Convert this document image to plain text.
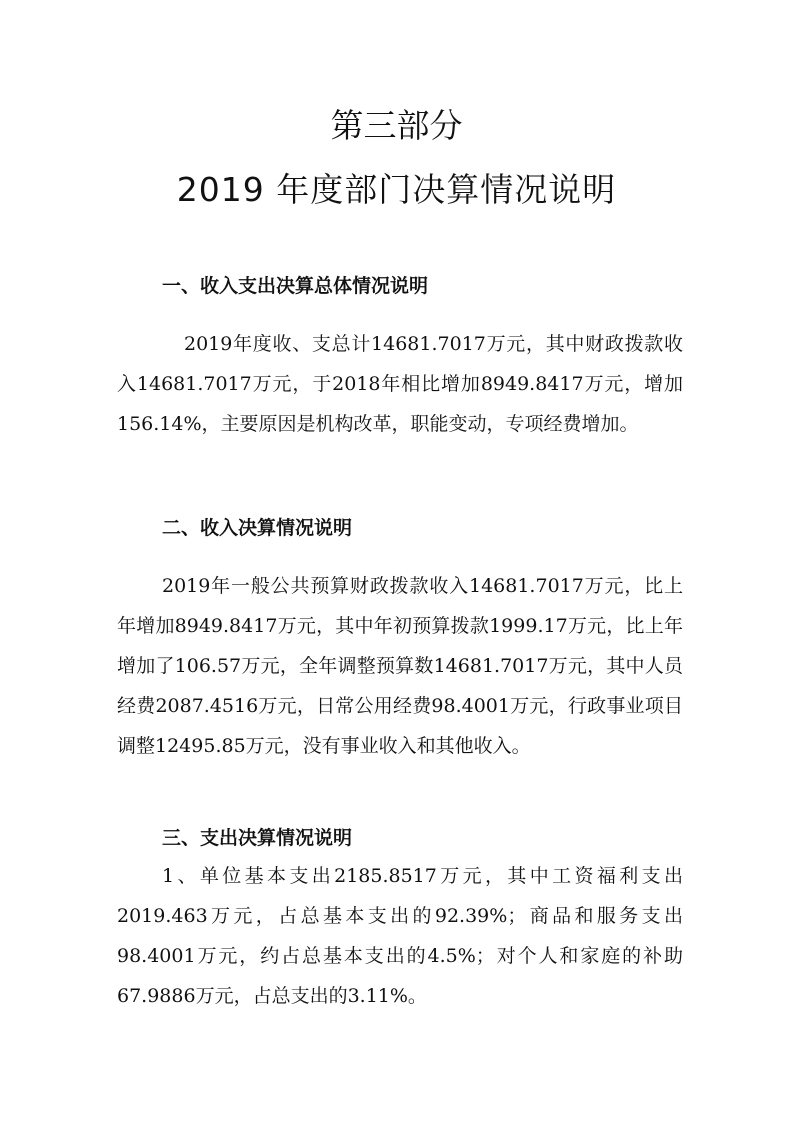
第三部分
2019 年度部门决算情况说明
一、收入支出决算总体情况说明

2019年度收、支总计14681.7017万元，其中财政拨款收入14681.7017万元，于2018年相比增加8949.8417万元，增加156.14%，主要原因是机构改革，职能变动，专项经费增加。

二、收入决算情况说明

2019年一般公共预算财政拨款收入14681.7017万元，比上年增加8949.8417万元，其中年初预算拨款1999.17万元，比上年增加了106.57万元，全年调整预算数14681.7017万元，其中人员经费2087.4516万元，日常公用经费98.4001万元，行政事业项目调整12495.85万元，没有事业收入和其他收入。

三、支出决算情况说明

1、单位基本支出2185.8517万元，其中工资福利支出2019.463万元，占总基本支出的92.39%；商品和服务支出98.4001万元，约占总基本支出的4.5%；对个人和家庭的补助67.9886万元，占总支出的3.11%。
